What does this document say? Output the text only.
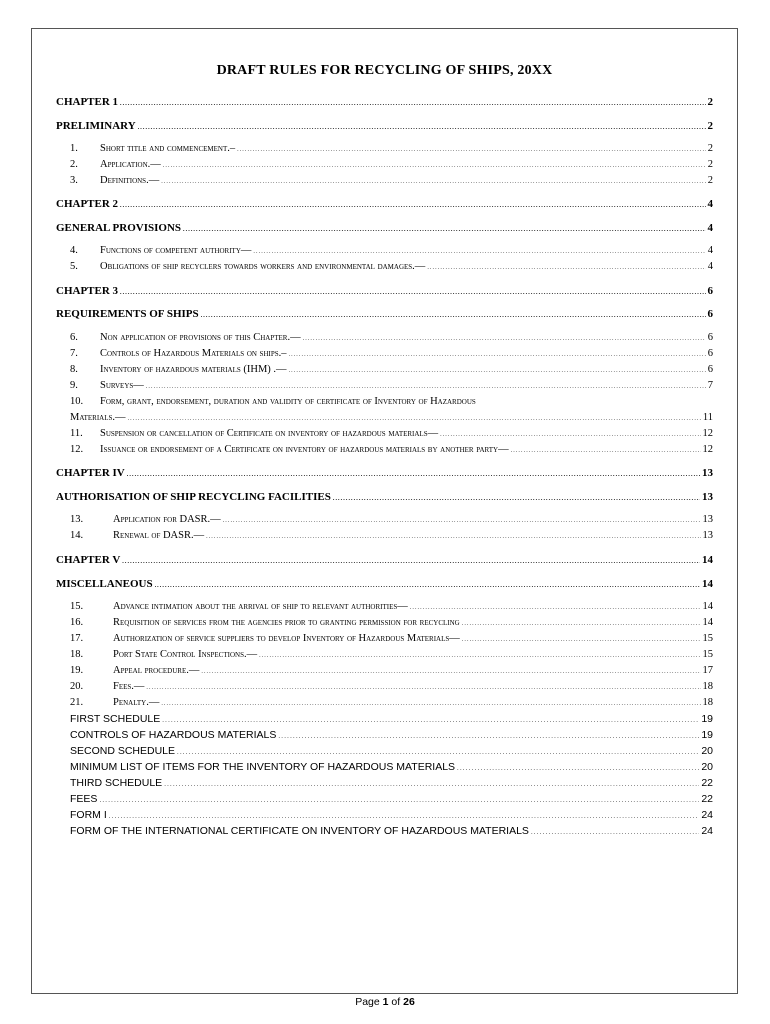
DRAFT RULES FOR RECYCLING OF SHIPS, 20XX
CHAPTER 1 . . .	2
PRELIMINARY . . .	2
1.	Short title and commencement.– . . .	2
2.	Application.— . . .	2
3.	Definitions.— . . .	2
CHAPTER 2 . . .	4
GENERAL PROVISIONS . . .	4
4.	Functions of competent authority— . . .	4
5.	Obligations of ship recyclers towards workers and environmental damages.— . . .	4
CHAPTER 3 . . .	6
REQUIREMENTS OF SHIPS . . .	6
6.	Non application of provisions of this Chapter.— . . .	6
7.	Controls of Hazardous Materials on ships.– . . .	6
8.	Inventory of hazardous materials (IHM) .— . . .	6
9.	Surveys— . . .	7
10.	Form, grant, endorsement, duration and validity of certificate of Inventory of Hazardous
Materials.— . . .	11
11.	Suspension or cancellation of Certificate on inventory of hazardous materials— . . .	12
12.	Issuance or endorsement of a Certificate on inventory of hazardous materials by another party— . . .	12
CHAPTER IV . . .	13
AUTHORISATION OF SHIP RECYCLING FACILITIES . . .	13
13.	Application for DASR.— . . .	13
14.	Renewal of DASR.— . . .	13
CHAPTER V . . .	14
MISCELLANEOUS . . .	14
15.	Advance intimation about the arrival of ship to relevant authorities— . . .	14
16.	Requisition of services from the agencies prior to granting permission for recycling . . .	14
17.	Authorization of service suppliers to develop Inventory of Hazardous Materials— . . .	15
18.	Port State Control Inspections.— . . .	15
19.	Appeal procedure.— . . .	17
20.	Fees.— . . .	18
21.	Penalty.— . . .	18
FIRST SCHEDULE . . .	19
CONTROLS OF HAZARDOUS MATERIALS . . .	19
SECOND SCHEDULE . . .	20
MINIMUM LIST OF ITEMS FOR THE INVENTORY OF HAZARDOUS MATERIALS . . .	20
THIRD SCHEDULE . . .	22
FEES . . .	22
FORM I . . .	24
FORM OF THE INTERNATIONAL CERTIFICATE ON INVENTORY OF HAZARDOUS MATERIALS . . .	24
Page 1 of 26
